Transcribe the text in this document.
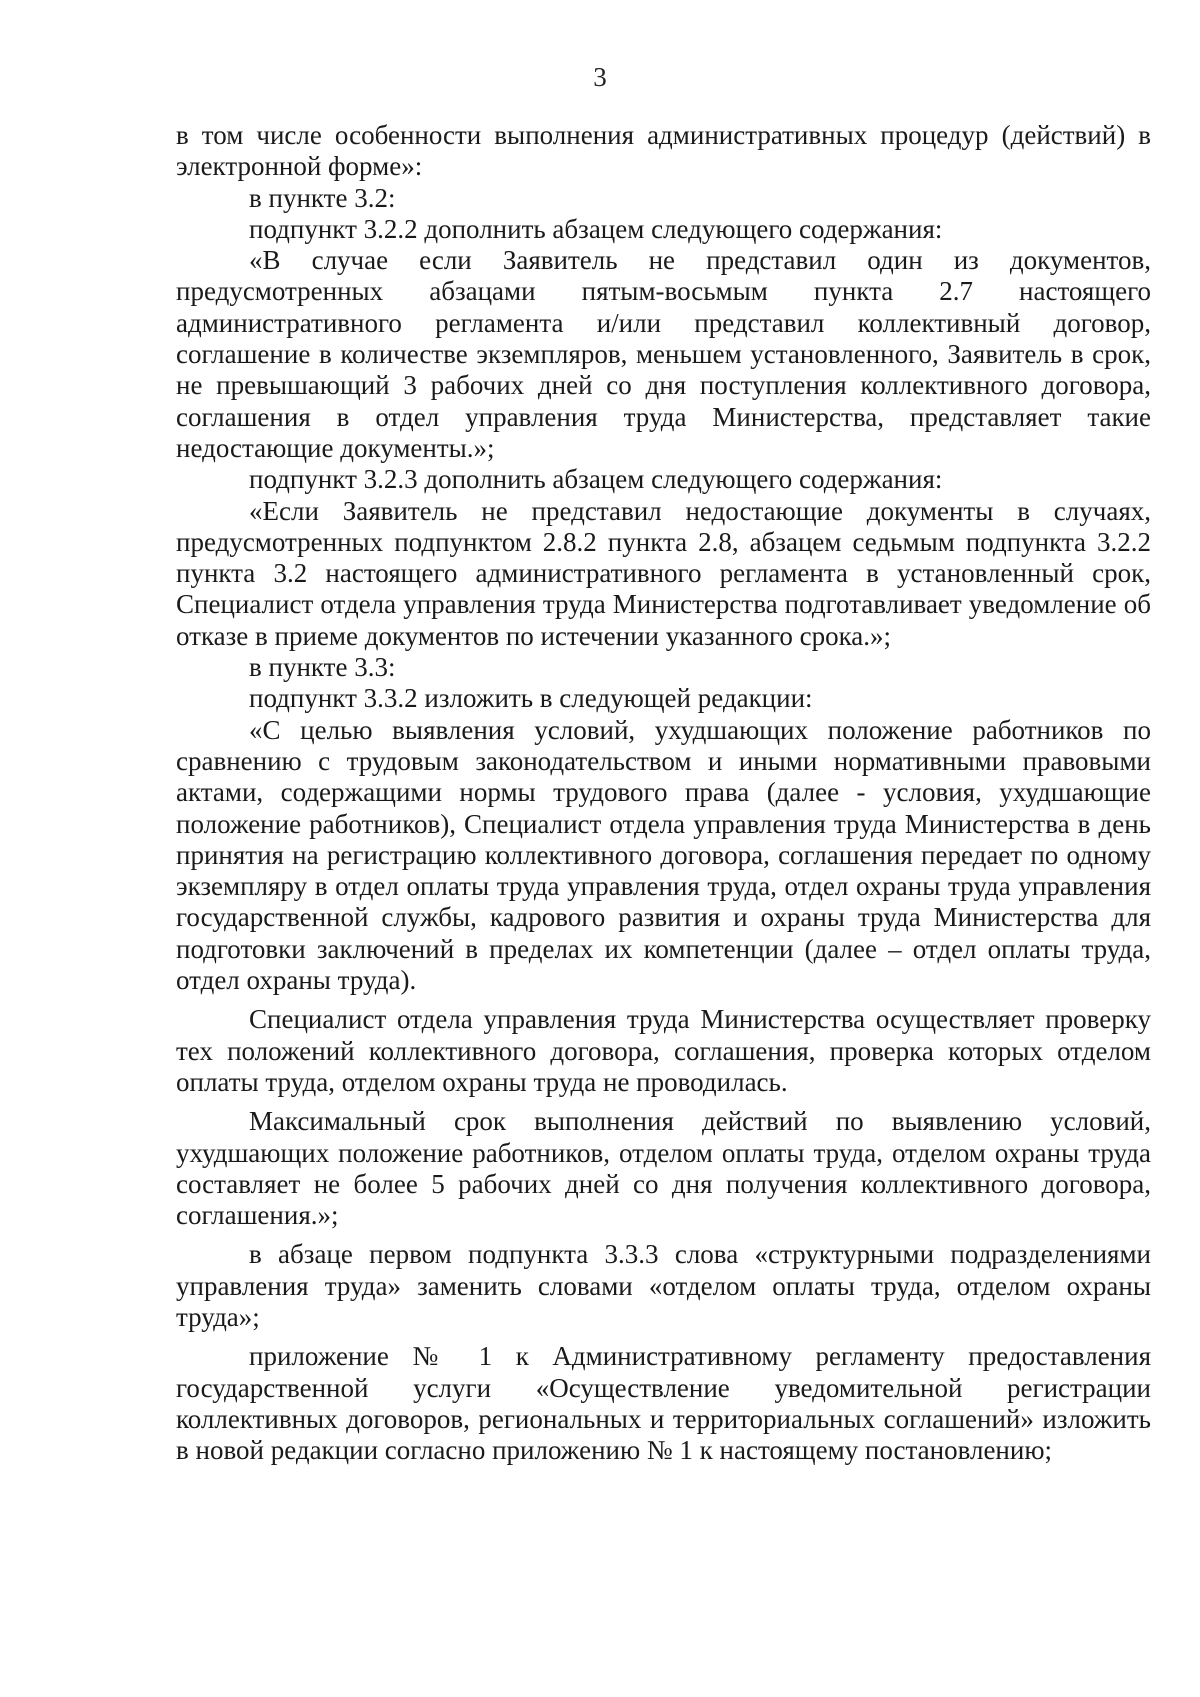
3

в том числе особенности выполнения административных процедур (действий) в электронной форме»:

в пункте 3.2:

подпункт 3.2.2 дополнить абзацем следующего содержания:

«В случае если Заявитель не представил один из документов, предусмотренных абзацами пятым-восьмым пункта 2.7 настоящего административного регламента и/или представил коллективный договор, соглашение в количестве экземпляров, меньшем установленного, Заявитель в срок, не превышающий 3 рабочих дней со дня поступления коллективного договора, соглашения в отдел управления труда Министерства, представляет такие недостающие документы.»;

подпункт 3.2.3 дополнить абзацем следующего содержания:

«Если Заявитель не представил недостающие документы в случаях, предусмотренных подпунктом 2.8.2 пункта 2.8, абзацем седьмым подпункта 3.2.2 пункта 3.2 настоящего административного регламента в установленный срок, Специалист отдела управления труда Министерства подготавливает уведомление об отказе в приеме документов по истечении указанного срока.»;

в пункте 3.3:

подпункт 3.3.2 изложить в следующей редакции:

«С целью выявления условий, ухудшающих положение работников по сравнению с трудовым законодательством и иными нормативными правовыми актами, содержащими нормы трудового права (далее - условия, ухудшающие положение работников), Специалист отдела управления труда Министерства в день принятия на регистрацию коллективного договора, соглашения передает по одному экземпляру в отдел оплаты труда управления труда, отдел охраны труда управления государственной службы, кадрового развития и охраны труда Министерства для подготовки заключений в пределах их компетенции (далее – отдел оплаты труда, отдел охраны труда).

Специалист отдела управления труда Министерства осуществляет проверку тех положений коллективного договора, соглашения, проверка которых отделом оплаты труда, отделом охраны труда не проводилась.

Максимальный срок выполнения действий по выявлению условий, ухудшающих положение работников, отделом оплаты труда, отделом охраны труда составляет не более 5 рабочих дней со дня получения коллективного договора, соглашения.»;

в абзаце первом подпункта 3.3.3 слова «структурными подразделениями управления труда» заменить словами «отделом оплаты труда, отделом охраны труда»;

приложение № 1 к Административному регламенту предоставления государственной услуги «Осуществление уведомительной регистрации коллективных договоров, региональных и территориальных соглашений» изложить в новой редакции согласно приложению № 1 к настоящему постановлению;
